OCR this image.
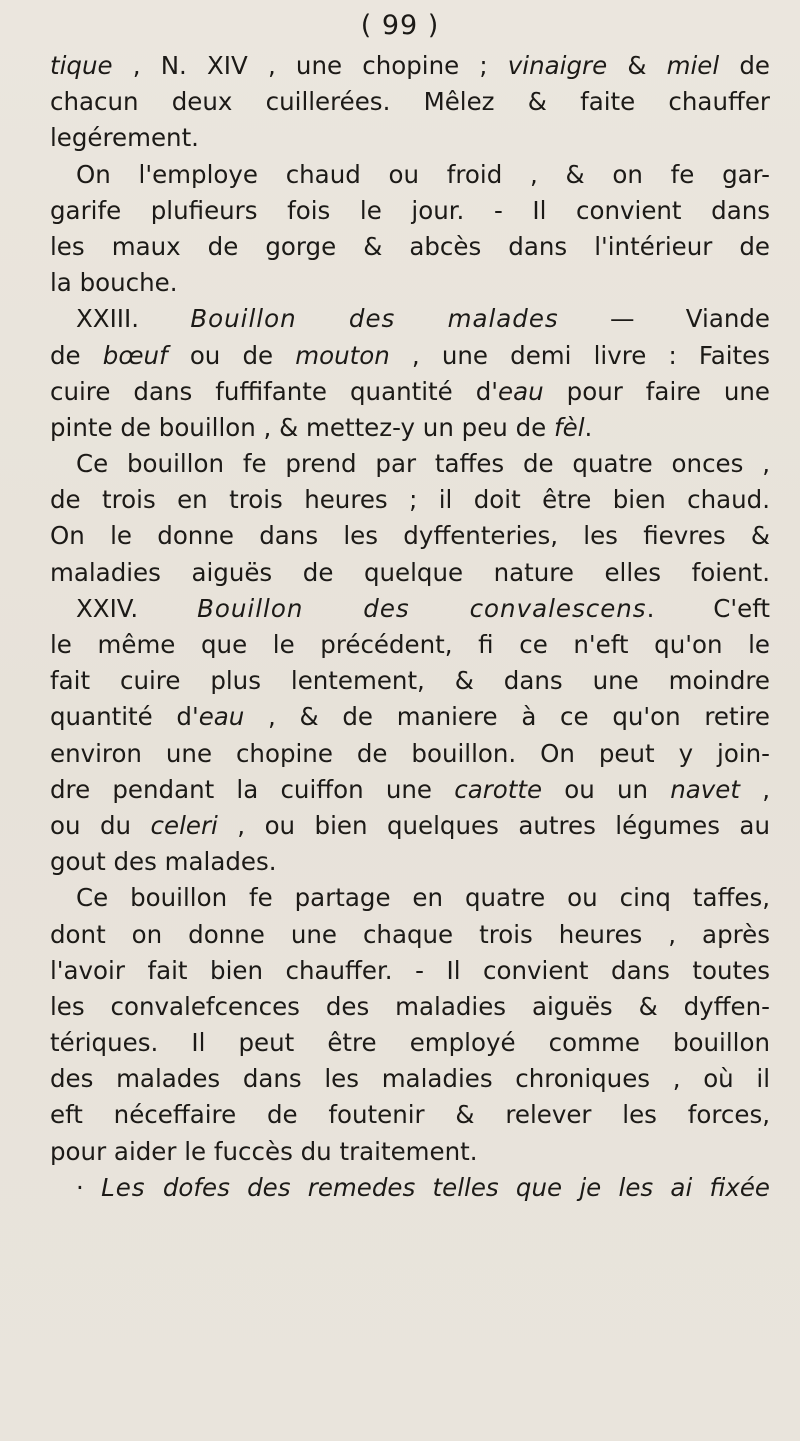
( 99 )
tique , N. XIV , une chopine ; vinaigre & miel de
chacun deux cuillerées. Mêlez & faite chauffer
legérement.
On l'employe chaud ou froid , & on fe gar-
garife plufieurs fois le jour. - Il convient dans
les maux de gorge & abcès dans l'intérieur de
la bouche.
XXIII. Bouillon des malades — Viande
de bœuf ou de mouton , une demi livre : Faites
cuire dans fuffifante quantité d'eau pour faire une
pinte de bouillon , & mettez-y un peu de fèl.
Ce bouillon fe prend par taffes de quatre onces ,
de trois en trois heures ; il doit être bien chaud.
On le donne dans les dyffenteries, les fievres &
maladies aiguës de quelque nature elles foient.
XXIV. Bouillon des convalescens. C'eft
le même que le précédent, fi ce n'eft qu'on le
fait cuire plus lentement, & dans une moindre
quantité d'eau , & de maniere à ce qu'on retire
environ une chopine de bouillon. On peut y join-
dre pendant la cuiffon une carotte ou un navet ,
ou du celeri , ou bien quelques autres légumes au
gout des malades.
Ce bouillon fe partage en quatre ou cinq taffes,
dont on donne une chaque trois heures , après
l'avoir fait bien chauffer. - Il convient dans toutes
les convalefcences des maladies aiguës & dyffen-
tériques. Il peut être employé comme bouillon
des malades dans les maladies chroniques , où il
eft néceffaire de foutenir & relever les forces,
pour aider le fuccès du traitement.
· Les dofes des remedes telles que je les ai fixée
